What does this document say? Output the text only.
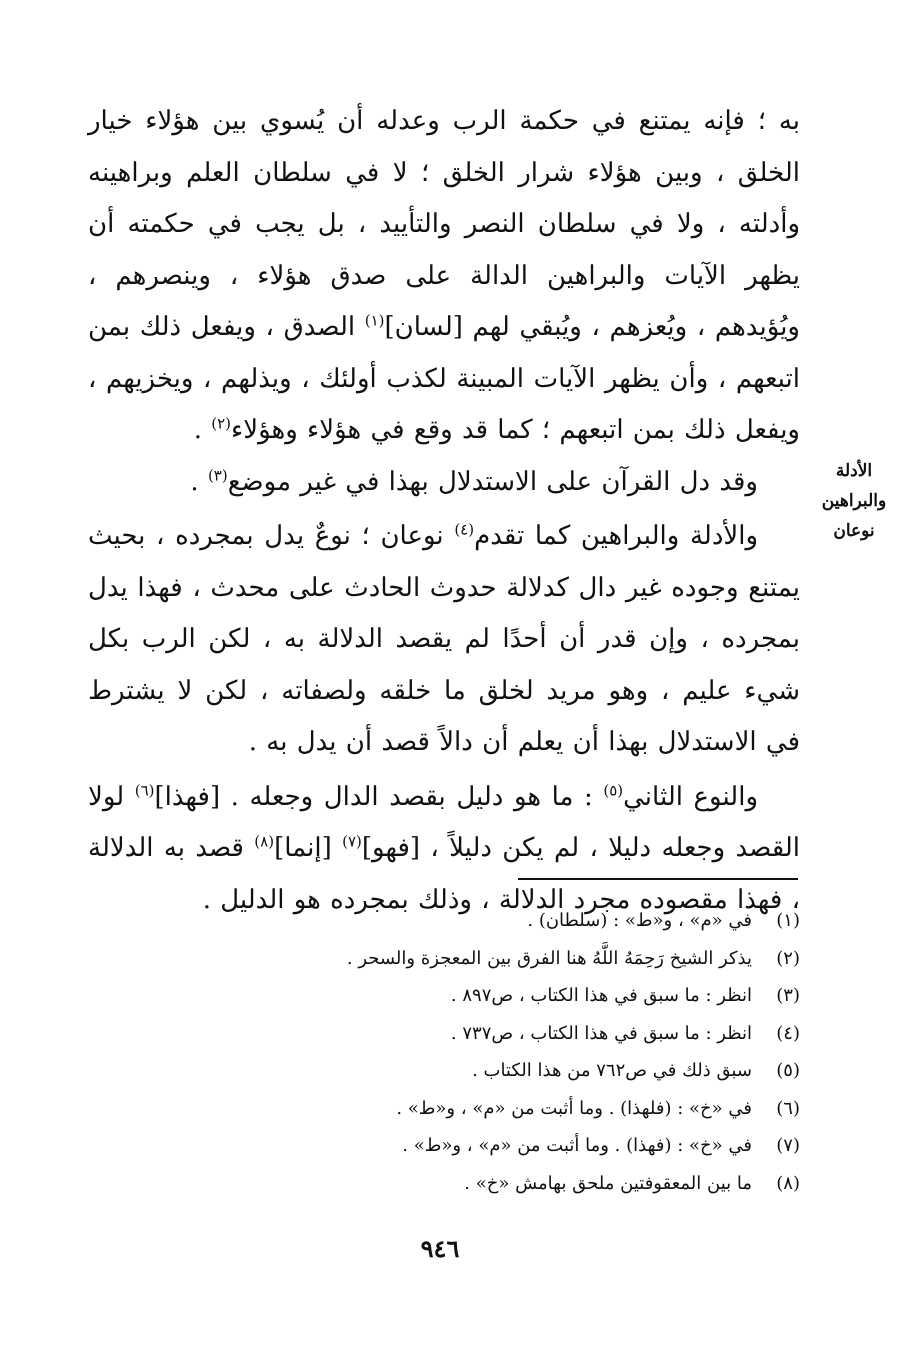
به ؛ فإنه يمتنع في حكمة الرب وعدله أن يُسوي بين هؤلاء خيار الخلق ، وبين هؤلاء شرار الخلق ؛ لا في سلطان العلم وبراهينه وأدلته ، ولا في سلطان النصر والتأييد ، بل يجب في حكمته أن يظهر الآيات والبراهين الدالة على صدق هؤلاء ، وينصرهم ، ويُؤيدهم ، ويُعزهم ، ويُبقي لهم [لسان]$^{(١)}$ الصدق ، ويفعل ذلك بمن اتبعهم ، وأن يظهر الآيات المبينة لكذب أولئك ، ويذلهم ، ويخزيهم ، ويفعل ذلك بمن اتبعهم ؛ كما قد وقع في هؤلاء وهؤلاء$^{(٢)}$ .

وقد دل القرآن على الاستدلال بهذا في غير موضع$^{(٣)}$ .

والأدلة والبراهين كما تقدم$^{(٤)}$ نوعان ؛ نوعٌ يدل بمجرده ، بحيث يمتنع وجوده غير دال كدلالة حدوث الحادث على محدث ، فهذا يدل بمجرده ، وإن قدر أن أحدًا لم يقصد الدلالة به ، لكن الرب بكل شيء عليم ، وهو مريد لخلق ما خلقه ولصفاته ، لكن لا يشترط في الاستدلال بهذا أن يعلم أن دالاً قصد أن يدل به .

والنوع الثاني$^{(٥)}$ : ما هو دليل بقصد الدال وجعله . [فهذا]$^{(٦)}$ لولا القصد وجعله دليلا ، لم يكن دليلاً ، [فهو]$^{(٧)}$ [إنما]$^{(٨)}$ قصد به الدلالة ، فهذا مقصوده مجرد الدلالة ، وذلك بمجرده هو الدليل .

الأدلة والبراهين
نوعان
(١)
في «م» ، و«ط» : (سلطان) .
(٢)
يذكر الشيخ رَحِمَهُ اللَّهُ هنا الفرق بين المعجزة والسحر .
(٣)
انظر : ما سبق في هذا الكتاب ، ص٨٩٧ .
(٤)
انظر : ما سبق في هذا الكتاب ، ص٧٣٧ .
(٥)
سبق ذلك في ص٧٦٢ من هذا الكتاب .
(٦)
في «خ» : (فلهذا) . وما أثبت من «م» ، و«ط» .
(٧)
في «خ» : (فهذا) . وما أثبت من «م» ، و«ط» .
(٨)
ما بين المعقوفتين ملحق بهامش «خ» .
٩٤٦
